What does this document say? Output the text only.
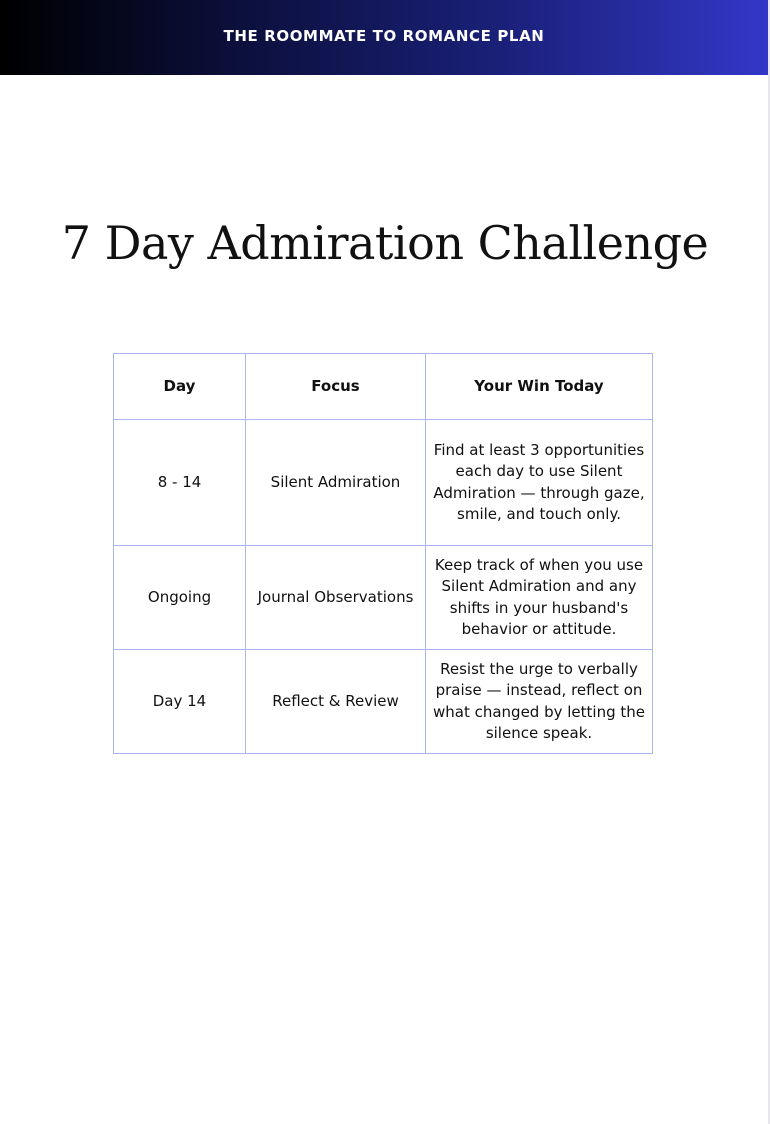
THE ROOMMATE TO ROMANCE PLAN
7 Day Admiration Challenge
Day	Focus	Your Win Today
8 - 14	Silent Admiration	Find at least 3 opportunities each day to use Silent Admiration — through gaze, smile, and touch only.
Ongoing	Journal Observations	Keep track of when you use Silent Admiration and any shifts in your husband's behavior or attitude.
Day 14	Reflect & Review	Resist the urge to verbally praise — instead, reflect on what changed by letting the silence speak.
